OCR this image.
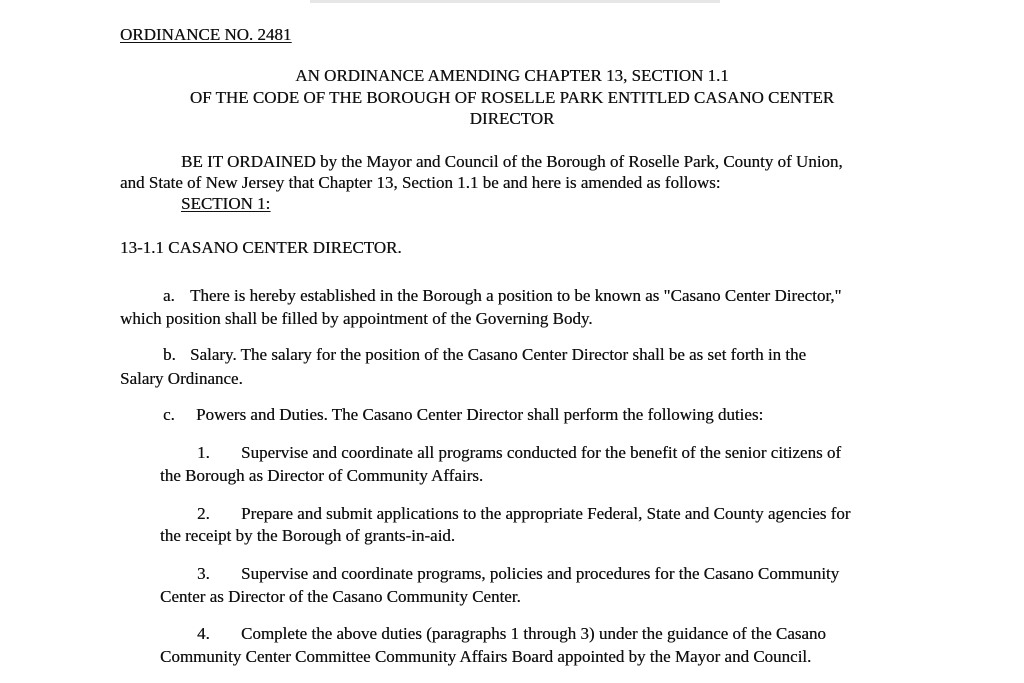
ORDINANCE NO. 2481
AN ORDINANCE AMENDING CHAPTER 13, SECTION 1.1
OF THE CODE OF THE BOROUGH OF ROSELLE PARK ENTITLED CASANO CENTER
DIRECTOR
BE IT ORDAINED by the Mayor and Council of the Borough of Roselle Park, County of Union,
and State of New Jersey that Chapter 13, Section 1.1 be and here is amended as follows:
SECTION 1:
13-1.1 CASANO CENTER DIRECTOR.
a. There is hereby established in the Borough a position to be known as "Casano Center Director,"
which position shall be filled by appointment of the Governing Body.
b. Salary. The salary for the position of the Casano Center Director shall be as set forth in the
Salary Ordinance.
c. Powers and Duties. The Casano Center Director shall perform the following duties:
1. Supervise and coordinate all programs conducted for the benefit of the senior citizens of
the Borough as Director of Community Affairs.
2. Prepare and submit applications to the appropriate Federal, State and County agencies for
the receipt by the Borough of grants-in-aid.
3. Supervise and coordinate programs, policies and procedures for the Casano Community
Center as Director of the Casano Community Center.
4. Complete the above duties (paragraphs 1 through 3) under the guidance of the Casano
Community Center Committee Community Affairs Board appointed by the Mayor and Council.
